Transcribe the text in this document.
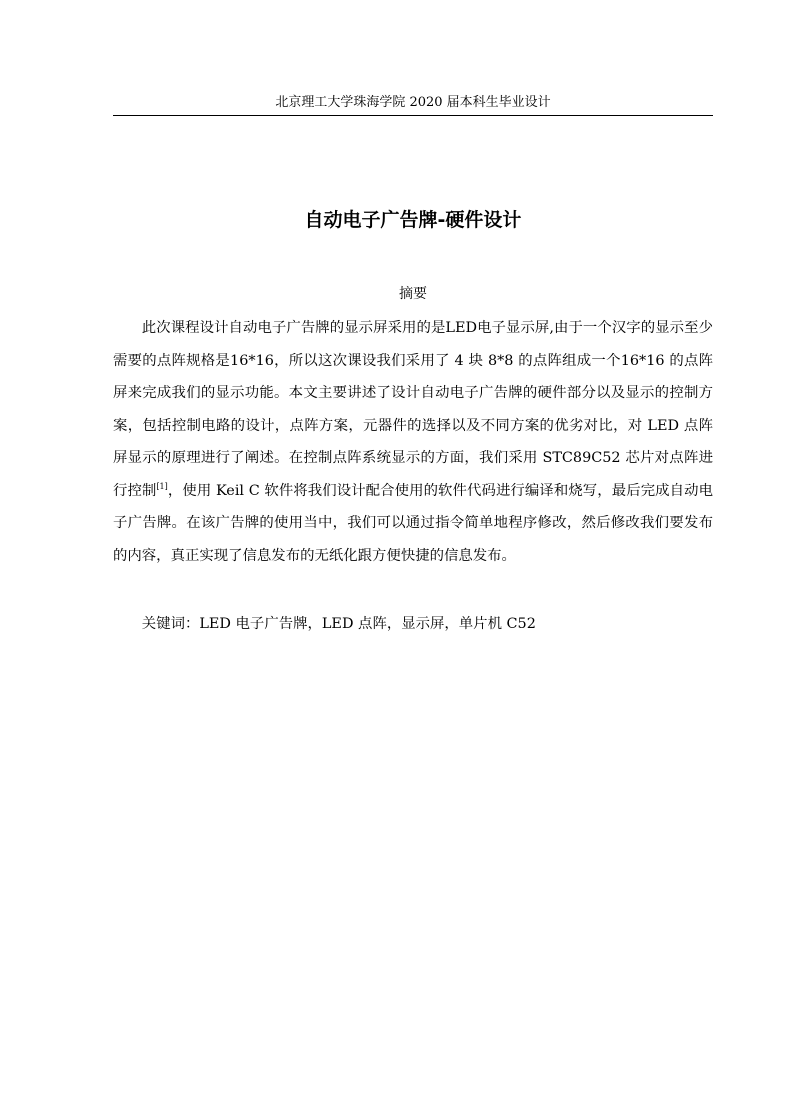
北京理工大学珠海学院 2020 届本科生毕业设计
自动电子广告牌-硬件设计
摘要

此次课程设计自动电子广告牌的显示屏采用的是LED电子显示屏,由于一个汉字的显示至少需要的点阵规格是16*16，所以这次课设我们采用了 4 块 8*8 的点阵组成一个16*16 的点阵屏来完成我们的显示功能。本文主要讲述了设计自动电子广告牌的硬件部分以及显示的控制方案，包括控制电路的设计，点阵方案，元器件的选择以及不同方案的优劣对比，对 LED 点阵屏显示的原理进行了阐述。在控制点阵系统显示的方面，我们采用 STC89C52 芯片对点阵进行控制[1]，使用 Keil C 软件将我们设计配合使用的软件代码进行编译和烧写，最后完成自动电子广告牌。在该广告牌的使用当中，我们可以通过指令简单地程序修改，然后修改我们要发布的内容，真正实现了信息发布的无纸化跟方便快捷的信息发布。

关键词：LED 电子广告牌，LED 点阵，显示屏，单片机 C52
